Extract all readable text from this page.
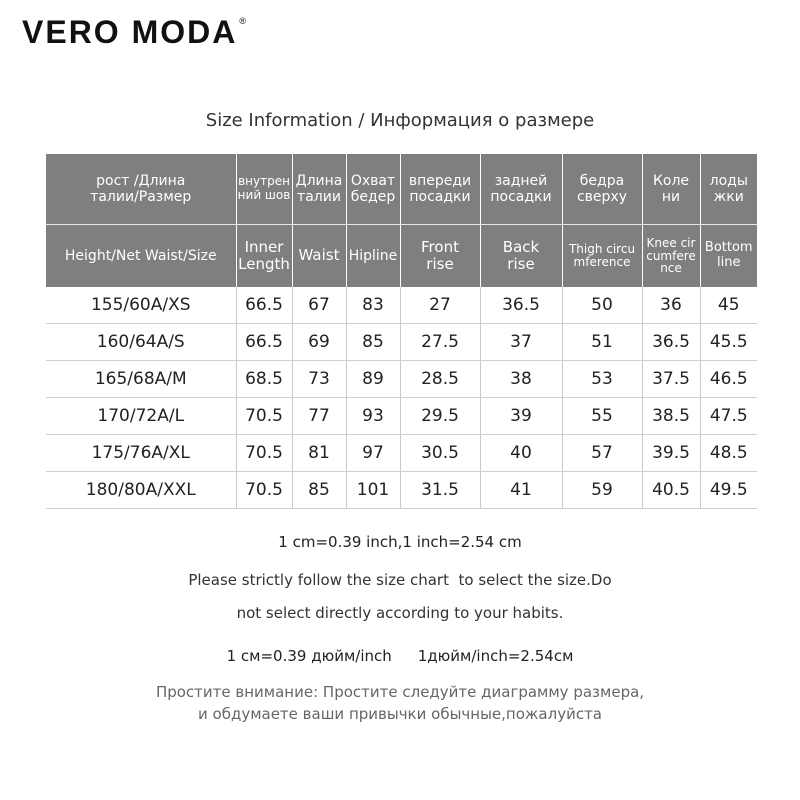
VERO MODA ®
Size Information / Информация о размере
рост /Длина талии/Размер	внутренний шов	Длина талии	Охват бедер	впереди посадки	задней посадки	бедра сверху	Колени	лодыжки
Height/Net Waist/Size	Inner Length	Waist	Hipline	Front rise	Back rise	Thigh circumference	Knee circumference	Bottom line
155/60A/XS	66.5	67	83	27	36.5	50	36	45
160/64A/S	66.5	69	85	27.5	37	51	36.5	45.5
165/68A/M	68.5	73	89	28.5	38	53	37.5	46.5
170/72A/L	70.5	77	93	29.5	39	55	38.5	47.5
175/76A/XL	70.5	81	97	30.5	40	57	39.5	48.5
180/80A/XXL	70.5	85	101	31.5	41	59	40.5	49.5
1 cm=0.39 inch,1 inch=2.54 cm
Please strictly follow the size chart  to select the size.Do
not select directly according to your habits.
1 см=0.39 дюйм/inch 1дюйм/inch=2.54см
Простите внимание: Простите следуйте диаграмму размера,
и обдумаете ваши привычки обычные,пожалуйста
